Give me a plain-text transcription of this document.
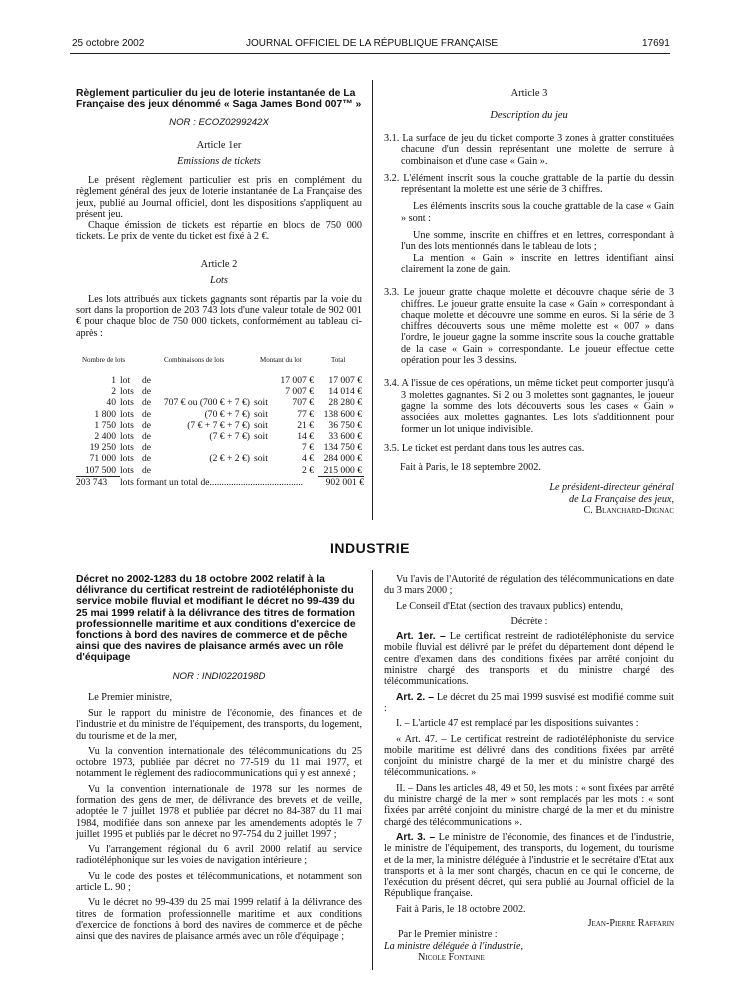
25 octobre 2002	JOURNAL OFFICIEL DE LA RÉPUBLIQUE FRANÇAISE	17691
Règlement particulier du jeu de loterie instantanée de La Française des jeux dénommé « Saga James Bond 007™ »
NOR : ECOZ0299242X
Article 1er
Emissions de tickets

Le présent règlement particulier est pris en complément du règlement général des jeux de loterie instantanée de La Française des jeux, publié au Journal officiel, dont les dispositions s'appliquent au présent jeu.

Chaque émission de tickets est répartie en blocs de 750 000 tickets. Le prix de vente du ticket est fixé à 2 €.

Article 2
Lots

Les lots attribués aux tickets gagnants sont répartis par la voie du sort dans la proportion de 203 743 lots d'une valeur totale de 902 001 € pour chaque bloc de 750 000 tickets, conformément au tableau ci-après :

Nombre de lots	Combinaisons de lots	Montant du lot	Total
1	lot	de			17 007 €	17 007 €
2	lots	de			7 007 €	14 014 €
40	lots	de	707 € ou (700 € + 7 €)	soit	707 €	28 280 €
1 800	lots	de	(70 € + 7 €)	soit	77 €	138 600 €
1 750	lots	de	(7 € + 7 € + 7 €)	soit	21 €	36 750 €
2 400	lots	de	(7 € + 7 €)	soit	14 €	33 600 €
19 250	lots	de			7 €	134 750 €
71 000	lots	de	(2 € + 2 €)	soit	4 €	284 000 €
107 500	lots	de			2 €	215 000 €
203 743 lots formant un total de....................................... 902 001 €
Article 3
Description du jeu

3.1. La surface de jeu du ticket comporte 3 zones à gratter constituées chacune d'un dessin représentant une molette de serrure à combinaison et d'une case « Gain ».

3.2. L'élément inscrit sous la couche grattable de la partie du dessin représentant la molette est une série de 3 chiffres.

Les éléments inscrits sous la couche grattable de la case « Gain » sont :

Une somme, inscrite en chiffres et en lettres, correspondant à l'un des lots mentionnés dans le tableau de lots ;

La mention « Gain » inscrite en lettres identifiant ainsi clairement la zone de gain.

3.3. Le joueur gratte chaque molette et découvre chaque série de 3 chiffres. Le joueur gratte ensuite la case « Gain » correspondant à chaque molette et découvre une somme en euros. Si la série de 3 chiffres découverts sous une même molette est « 007 » dans l'ordre, le joueur gagne la somme inscrite sous la couche grattable de la case « Gain » correspondante. Le joueur effectue cette opération pour les 3 dessins.

3.4. A l'issue de ces opérations, un même ticket peut comporter jusqu'à 3 molettes gagnantes. Si 2 ou 3 molettes sont gagnantes, le joueur gagne la somme des lots découverts sous les cases « Gain » associées aux molettes gagnantes. Les lots s'additionnent pour former un lot unique indivisible.

3.5. Le ticket est perdant dans tous les autres cas.

Fait à Paris, le 18 septembre 2002.

Le président-directeur général
de La Française des jeux,
C. Blanchard-Dignac
INDUSTRIE
Décret no 2002-1283 du 18 octobre 2002 relatif à la délivrance du certificat restreint de radiotéléphoniste du service mobile fluvial et modifiant le décret no 99-439 du 25 mai 1999 relatif à la délivrance des titres de formation professionnelle maritime et aux conditions d'exercice de fonctions à bord des navires de commerce et de pêche ainsi que des navires de plaisance armés avec un rôle d'équipage
NOR : INDI0220198D

Le Premier ministre,

Sur le rapport du ministre de l'économie, des finances et de l'industrie et du ministre de l'équipement, des transports, du logement, du tourisme et de la mer,

Vu la convention internationale des télécommunications du 25 octobre 1973, publiée par décret no 77-519 du 11 mai 1977, et notamment le règlement des radiocommunications qui y est annexé ;

Vu la convention internationale de 1978 sur les normes de formation des gens de mer, de délivrance des brevets et de veille, adoptée le 7 juillet 1978 et publiée par décret no 84-387 du 11 mai 1984, modifiée dans son annexe par les amendements adoptés le 7 juillet 1995 et publiés par le décret no 97-754 du 2 juillet 1997 ;

Vu l'arrangement régional du 6 avril 2000 relatif au service radiotéléphonique sur les voies de navigation intérieure ;

Vu le code des postes et télécommunications, et notamment son article L. 90 ;

Vu le décret no 99-439 du 25 mai 1999 relatif à la délivrance des titres de formation professionnelle maritime et aux conditions d'exercice de fonctions à bord des navires de commerce et de pêche ainsi que des navires de plaisance armés avec un rôle d'équipage ;

Vu l'avis de l'Autorité de régulation des télécommunications en date du 3 mars 2000 ;

Le Conseil d'Etat (section des travaux publics) entendu,

Décrète :

Art. 1er. – Le certificat restreint de radiotéléphoniste du service mobile fluvial est délivré par le préfet du département dont dépend le centre d'examen dans des conditions fixées par arrêté conjoint du ministre chargé des transports et du ministre chargé des télécommunications.

Art. 2. – Le décret du 25 mai 1999 susvisé est modifié comme suit :

I. – L'article 47 est remplacé par les dispositions suivantes :

« Art. 47. – Le certificat restreint de radiotéléphoniste du service mobile maritime est délivré dans des conditions fixées par arrêté conjoint du ministre chargé de la mer et du ministre chargé des télécommunications. »

II. – Dans les articles 48, 49 et 50, les mots : « sont fixées par arrêté du ministre chargé de la mer » sont remplacés par les mots : « sont fixées par arrêté conjoint du ministre chargé de la mer et du ministre chargé des télécommunications ».

Art. 3. – Le ministre de l'économie, des finances et de l'industrie, le ministre de l'équipement, des transports, du logement, du tourisme et de la mer, la ministre déléguée à l'industrie et le secrétaire d'Etat aux transports et à la mer sont chargés, chacun en ce qui le concerne, de l'exécution du présent décret, qui sera publié au Journal officiel de la République française.

Fait à Paris, le 18 octobre 2002.

Jean-Pierre Raffarin
Par le Premier ministre :
La ministre déléguée à l'industrie,
Nicole Fontaine
